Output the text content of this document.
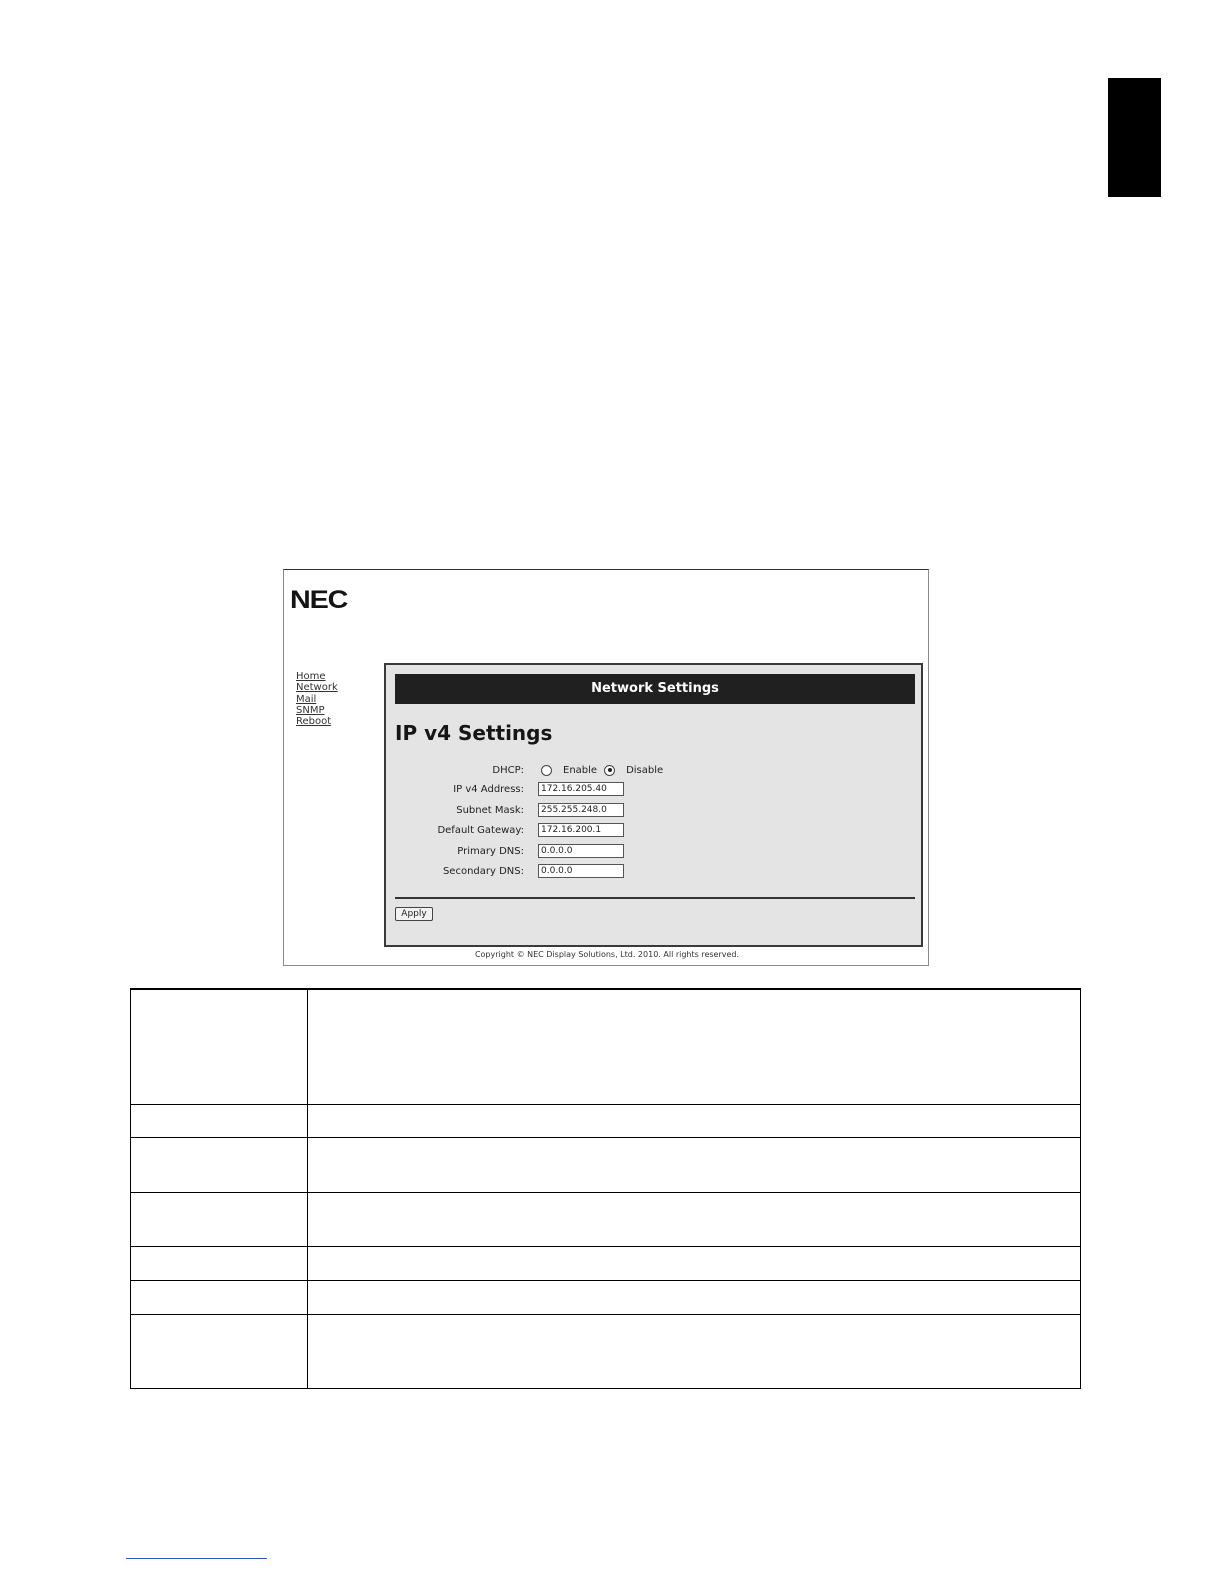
NEC
Home
Network
Mail
SNMP
Reboot
Network Settings
IP v4 Settings
DHCP:	Enable	Disable
IP v4 Address:
172.16.205.40
Subnet Mask:
255.255.248.0
Default Gateway:
172.16.200.1
Primary DNS:
0.0.0.0
Secondary DNS:
0.0.0.0
Apply
Copyright © NEC Display Solutions, Ltd. 2010. All rights reserved.
